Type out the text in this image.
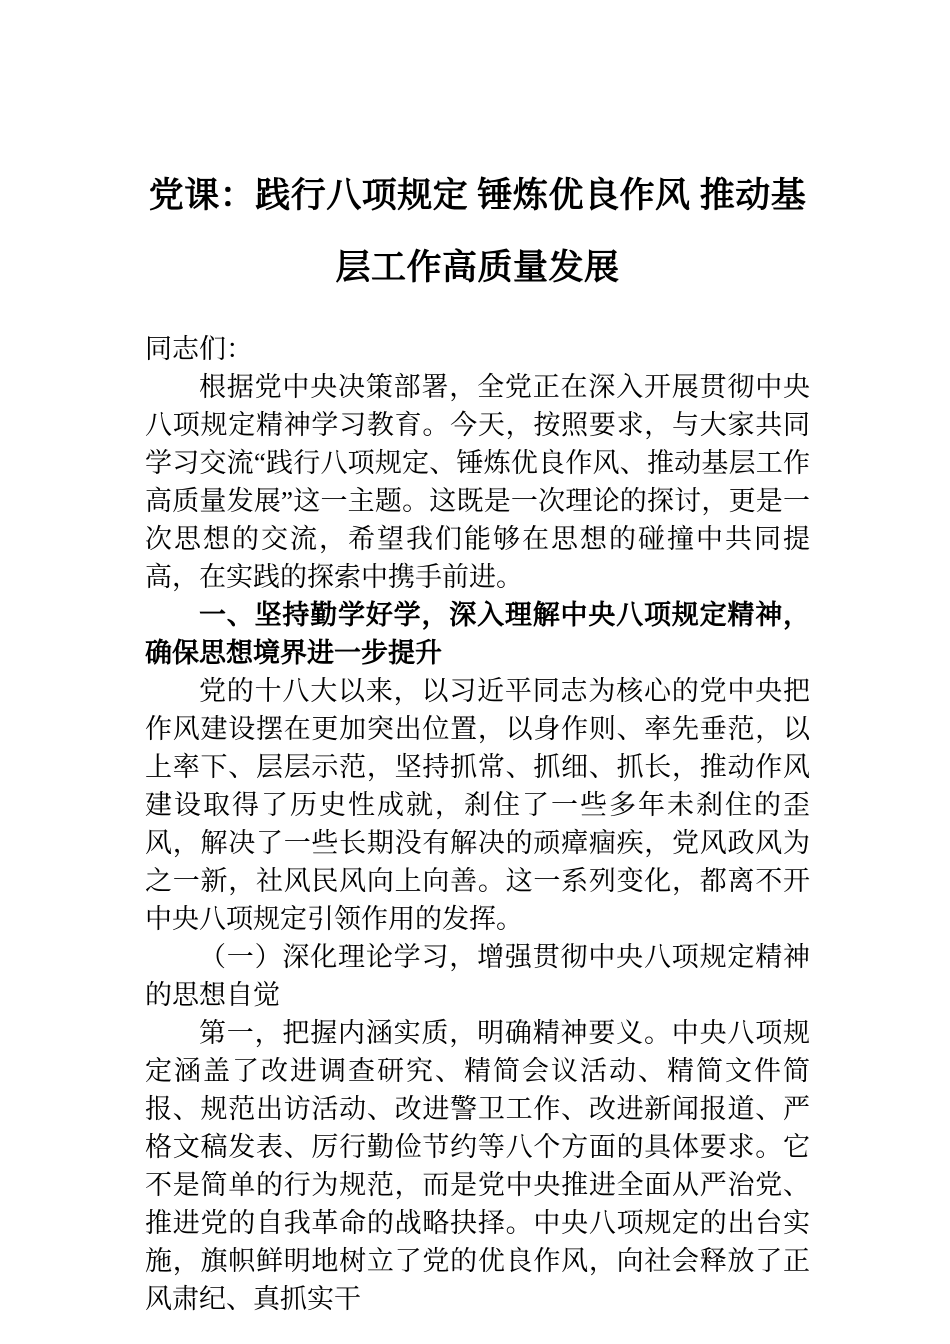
党课：践行八项规定 锤炼优良作风 推动基层工作高质量发展

同志们：

根据党中央决策部署，全党正在深入开展贯彻中央八项规定精神学习教育。今天，按照要求，与大家共同学习交流“践行八项规定、锤炼优良作风、推动基层工作高质量发展”这一主题。这既是一次理论的探讨，更是一次思想的交流，希望我们能够在思想的碰撞中共同提高，在实践的探索中携手前进。

一、坚持勤学好学，深入理解中央八项规定精神，确保思想境界进一步提升

党的十八大以来，以习近平同志为核心的党中央把作风建设摆在更加突出位置，以身作则、率先垂范，以上率下、层层示范，坚持抓常、抓细、抓长，推动作风建设取得了历史性成就，刹住了一些多年未刹住的歪风，解决了一些长期没有解决的顽瘴痼疾，党风政风为之一新，社风民风向上向善。这一系列变化，都离不开中央八项规定引领作用的发挥。

（一）深化理论学习，增强贯彻中央八项规定精神的思想自觉

第一，把握内涵实质，明确精神要义。中央八项规定涵盖了改进调查研究、精简会议活动、精简文件简报、规范出访活动、改进警卫工作、改进新闻报道、严格文稿发表、厉行勤俭节约等八个方面的具体要求。它不是简单的行为规范，而是党中央推进全面从严治党、推进党的自我革命的战略抉择。中央八项规定的出台实施，旗帜鲜明地树立了党的优良作风，向社会释放了正风肃纪、真抓实干
